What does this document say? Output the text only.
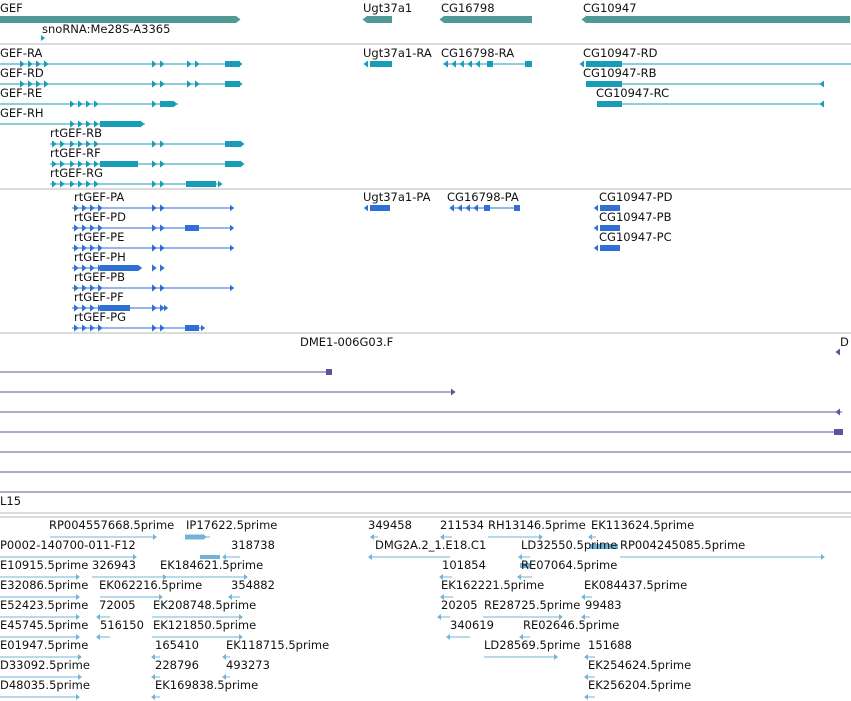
GEF
snoRNA:Me28S-A3365
Ugt37a1	CG16798	CG10947
GEF-RA
GEF-RD
GEF-RE
GEF-RH
rtGEF-RB
rtGEF-RF
rtGEF-RG
Ugt37a1-RA CG16798-RA	CG10947-RD
CG10947-RB
CG10947-RC
rtGEF-PA
rtGEF-PD
rtGEF-PE
rtGEF-PH
rtGEF-PB
rtGEF-PF
rtGEF-PG
Ugt37a1-PA CG16798-PA	CG10947-PD
CG10947-PB
CG10947-PC
DME1-006G03.F	D
L15
RP004557668.5prime IP17622.5prime	349458 211534 RH13146.5prime EK113624.5prime
P0002-140700-011-F12	318738	DMG2A.2_1.E18.C1	LD32550.5prime RP004245085.5prime
E10915.5prime 326943 EK184621.5prime	101854
EK162221.5prime
RE07064.5prime
E32086.5prime EK062216.5prime	354882	EK084437.5prime
E52423.5prime 72005 EK208748.5prime	20205 RE28725.5prime 99483
E45745.5prime 516150 EK121850.5prime	340619	RE02646.5prime
E01947.5prime	165410 EK118715.5prime	LD28569.5prime 151688
D33092.5prime	228796 493273	EK254624.5prime
D48035.5prime	EK169838.5prime	EK256204.5prime
